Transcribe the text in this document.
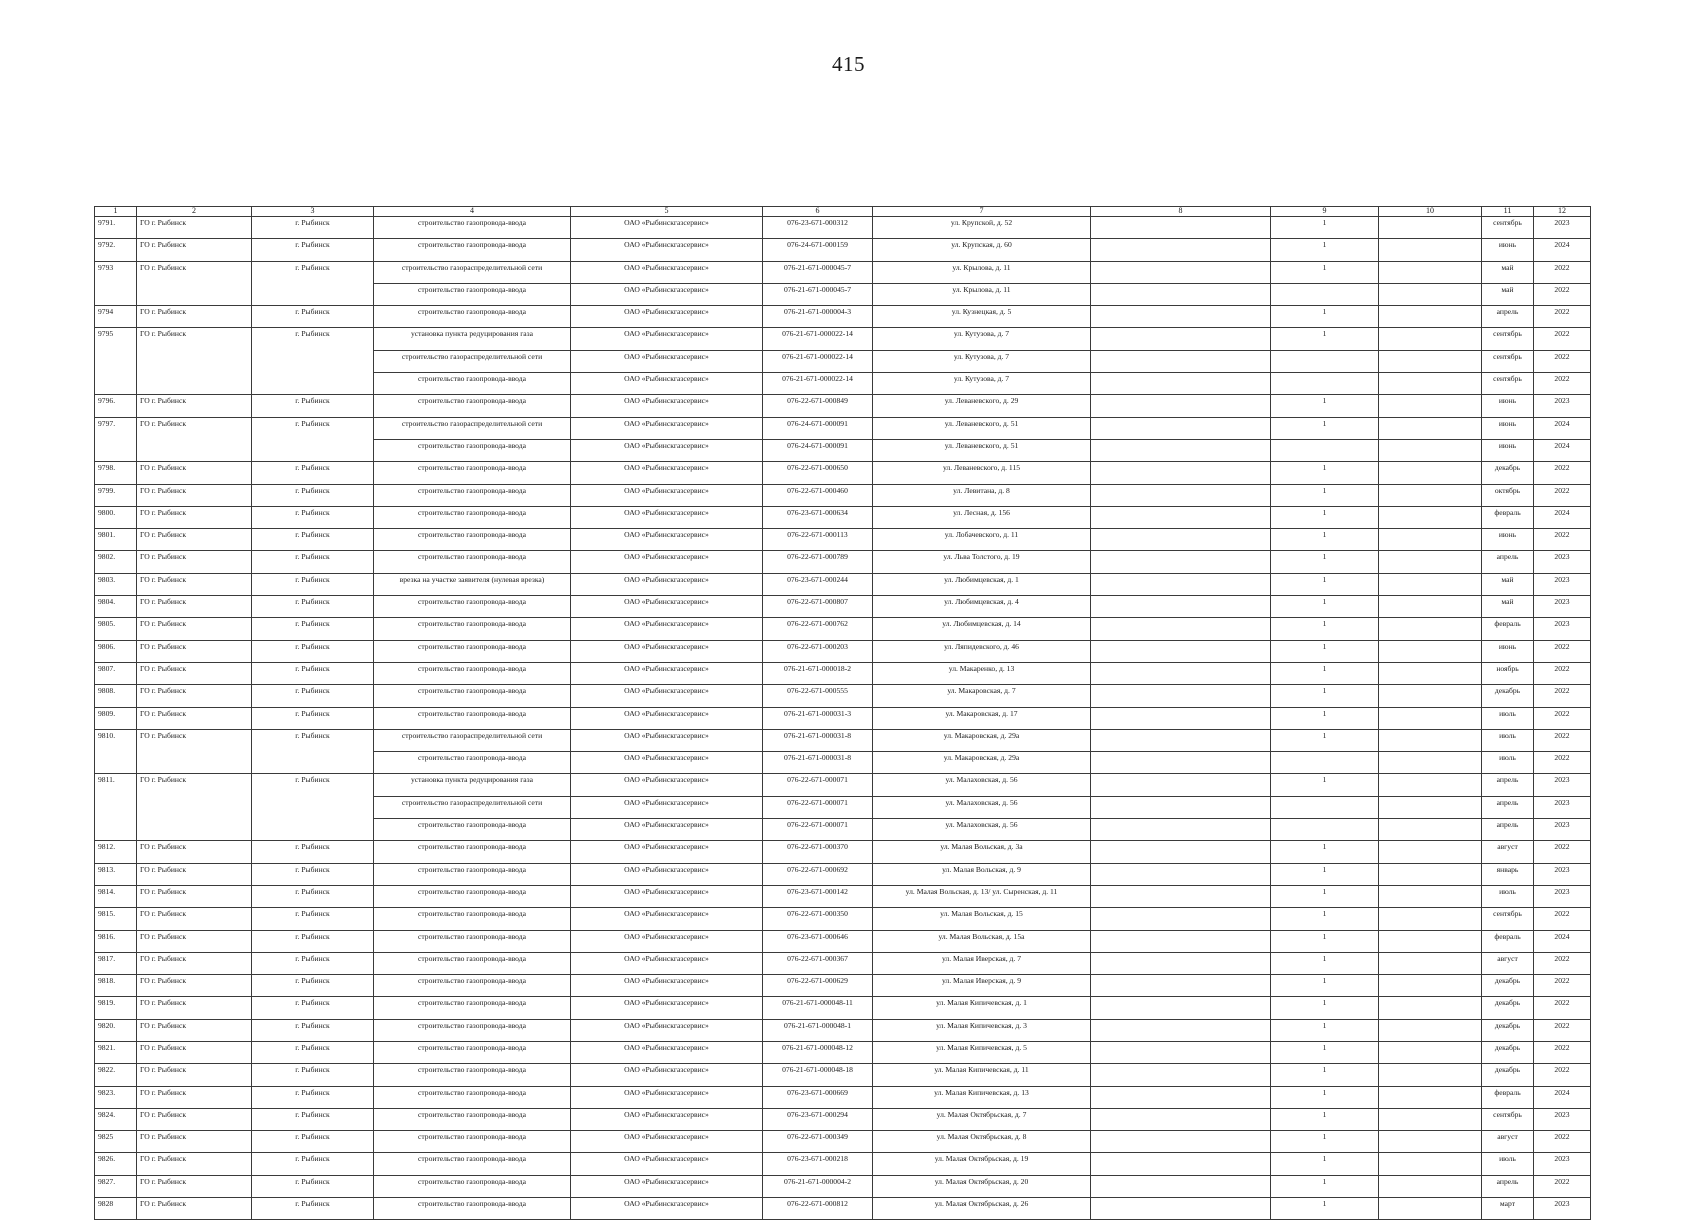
415
1	2	3	4	5	6	7	8	9	10	11	12
9791.	ГО г. Рыбинск	г. Рыбинск	строительство газопровода-ввода	ОАО «Рыбинскгазсервис»	076-23-671-000312	ул. Крупской, д. 52		1		сентябрь	2023
9792.	ГО г. Рыбинск	г. Рыбинск	строительство газопровода-ввода	ОАО «Рыбинскгазсервис»	076-24-671-000159	ул. Крупская, д. 60		1		июнь	2024
9793	ГО г. Рыбинск	г. Рыбинск	строительство газораспределительной сети	ОАО «Рыбинскгазсервис»	076-21-671-000045-7	ул. Крылова, д. 11		1		май	2022
			строительство газопровода-ввода	ОАО «Рыбинскгазсервис»	076-21-671-000045-7	ул. Крылова, д. 11				май	2022
9794	ГО г. Рыбинск	г. Рыбинск	строительство газопровода-ввода	ОАО «Рыбинскгазсервис»	076-21-671-000004-3	ул. Кузнецкая, д. 5		1		апрель	2022
9795	ГО г. Рыбинск	г. Рыбинск	установка пункта редуцирования газа	ОАО «Рыбинскгазсервис»	076-21-671-000022-14	ул. Кутузова, д. 7		1		сентябрь	2022
			строительство газораспределительной сети	ОАО «Рыбинскгазсервис»	076-21-671-000022-14	ул. Кутузова, д. 7				сентябрь	2022
			строительство газопровода-ввода	ОАО «Рыбинскгазсервис»	076-21-671-000022-14	ул. Кутузова, д. 7				сентябрь	2022
9796.	ГО г. Рыбинск	г. Рыбинск	строительство газопровода-ввода	ОАО «Рыбинскгазсервис»	076-22-671-000849	ул. Леваневского, д. 29		1		июнь	2023
9797.	ГО г. Рыбинск	г. Рыбинск	строительство газораспределительной сети	ОАО «Рыбинскгазсервис»	076-24-671-000091	ул. Леваневского, д. 51		1		июнь	2024
			строительство газопровода-ввода	ОАО «Рыбинскгазсервис»	076-24-671-000091	ул. Леваневского, д. 51				июнь	2024
9798.	ГО г. Рыбинск	г. Рыбинск	строительство газопровода-ввода	ОАО «Рыбинскгазсервис»	076-22-671-000650	ул. Леваневского, д. 115		1		декабрь	2022
9799.	ГО г. Рыбинск	г. Рыбинск	строительство газопровода-ввода	ОАО «Рыбинскгазсервис»	076-22-671-000460	ул. Левитана, д. 8		1		октябрь	2022
9800.	ГО г. Рыбинск	г. Рыбинск	строительство газопровода-ввода	ОАО «Рыбинскгазсервис»	076-23-671-000634	ул. Лесная, д. 156		1		февраль	2024
9801.	ГО г. Рыбинск	г. Рыбинск	строительство газопровода-ввода	ОАО «Рыбинскгазсервис»	076-22-671-000113	ул. Лобачевского, д. 11		1		июнь	2022
9802.	ГО г. Рыбинск	г. Рыбинск	строительство газопровода-ввода	ОАО «Рыбинскгазсервис»	076-22-671-000789	ул. Льва Толстого, д. 19		1		апрель	2023
9803.	ГО г. Рыбинск	г. Рыбинск	врезка на участке заявителя (нулевая врезка)	ОАО «Рыбинскгазсервис»	076-23-671-000244	ул. Любимцевская, д. 1		1		май	2023
9804.	ГО г. Рыбинск	г. Рыбинск	строительство газопровода-ввода	ОАО «Рыбинскгазсервис»	076-22-671-000807	ул. Любимцевская, д. 4		1		май	2023
9805.	ГО г. Рыбинск	г. Рыбинск	строительство газопровода-ввода	ОАО «Рыбинскгазсервис»	076-22-671-000762	ул. Любимцевская, д. 14		1		февраль	2023
9806.	ГО г. Рыбинск	г. Рыбинск	строительство газопровода-ввода	ОАО «Рыбинскгазсервис»	076-22-671-000203	ул. Ляпидевского, д. 46		1		июнь	2022
9807.	ГО г. Рыбинск	г. Рыбинск	строительство газопровода-ввода	ОАО «Рыбинскгазсервис»	076-21-671-000018-2	ул. Макаренко, д. 13		1		ноябрь	2022
9808.	ГО г. Рыбинск	г. Рыбинск	строительство газопровода-ввода	ОАО «Рыбинскгазсервис»	076-22-671-000555	ул. Макаровская, д. 7		1		декабрь	2022
9809.	ГО г. Рыбинск	г. Рыбинск	строительство газопровода-ввода	ОАО «Рыбинскгазсервис»	076-21-671-000031-3	ул. Макаровская, д. 17		1		июль	2022
9810.	ГО г. Рыбинск	г. Рыбинск	строительство газораспределительной сети	ОАО «Рыбинскгазсервис»	076-21-671-000031-8	ул. Макаровская, д. 29а		1		июль	2022
			строительство газопровода-ввода	ОАО «Рыбинскгазсервис»	076-21-671-000031-8	ул. Макаровская, д. 29а				июль	2022
9811.	ГО г. Рыбинск	г. Рыбинск	установка пункта редуцирования газа	ОАО «Рыбинскгазсервис»	076-22-671-000071	ул. Малаховская, д. 56		1		апрель	2023
			строительство газораспределительной сети	ОАО «Рыбинскгазсервис»	076-22-671-000071	ул. Малаховская, д. 56				апрель	2023
			строительство газопровода-ввода	ОАО «Рыбинскгазсервис»	076-22-671-000071	ул. Малаховская, д. 56				апрель	2023
9812.	ГО г. Рыбинск	г. Рыбинск	строительство газопровода-ввода	ОАО «Рыбинскгазсервис»	076-22-671-000370	ул. Малая Вольская, д. 3а		1		август	2022
9813.	ГО г. Рыбинск	г. Рыбинск	строительство газопровода-ввода	ОАО «Рыбинскгазсервис»	076-22-671-000692	ул. Малая Вольская, д. 9		1		январь	2023
9814.	ГО г. Рыбинск	г. Рыбинск	строительство газопровода-ввода	ОАО «Рыбинскгазсервис»	076-23-671-000142	ул. Малая Вольская, д. 13/ ул. Сыренская, д. 11		1		июль	2023
9815.	ГО г. Рыбинск	г. Рыбинск	строительство газопровода-ввода	ОАО «Рыбинскгазсервис»	076-22-671-000350	ул. Малая Вольская, д. 15		1		сентябрь	2022
9816.	ГО г. Рыбинск	г. Рыбинск	строительство газопровода-ввода	ОАО «Рыбинскгазсервис»	076-23-671-000646	ул. Малая Вольская, д. 15а		1		февраль	2024
9817.	ГО г. Рыбинск	г. Рыбинск	строительство газопровода-ввода	ОАО «Рыбинскгазсервис»	076-22-671-000367	ул. Малая Иверская, д. 7		1		август	2022
9818.	ГО г. Рыбинск	г. Рыбинск	строительство газопровода-ввода	ОАО «Рыбинскгазсервис»	076-22-671-000629	ул. Малая Иверская, д. 9		1		декабрь	2022
9819.	ГО г. Рыбинск	г. Рыбинск	строительство газопровода-ввода	ОАО «Рыбинскгазсервис»	076-21-671-000048-11	ул. Малая Кипичевская, д. 1		1		декабрь	2022
9820.	ГО г. Рыбинск	г. Рыбинск	строительство газопровода-ввода	ОАО «Рыбинскгазсервис»	076-21-671-000048-1	ул. Малая Кипичевская, д. 3		1		декабрь	2022
9821.	ГО г. Рыбинск	г. Рыбинск	строительство газопровода-ввода	ОАО «Рыбинскгазсервис»	076-21-671-000048-12	ул. Малая Кипичевская, д. 5		1		декабрь	2022
9822.	ГО г. Рыбинск	г. Рыбинск	строительство газопровода-ввода	ОАО «Рыбинскгазсервис»	076-21-671-000048-18	ул. Малая Кипичевская, д. 11		1		декабрь	2022
9823.	ГО г. Рыбинск	г. Рыбинск	строительство газопровода-ввода	ОАО «Рыбинскгазсервис»	076-23-671-000669	ул. Малая Кипичевская, д. 13		1		февраль	2024
9824.	ГО г. Рыбинск	г. Рыбинск	строительство газопровода-ввода	ОАО «Рыбинскгазсервис»	076-23-671-000294	ул. Малая Октябрьская, д. 7		1		сентябрь	2023
9825	ГО г. Рыбинск	г. Рыбинск	строительство газопровода-ввода	ОАО «Рыбинскгазсервис»	076-22-671-000349	ул. Малая Октябрьская, д. 8		1		август	2022
9826.	ГО г. Рыбинск	г. Рыбинск	строительство газопровода-ввода	ОАО «Рыбинскгазсервис»	076-23-671-000218	ул. Малая Октябрьская, д. 19		1		июль	2023
9827.	ГО г. Рыбинск	г. Рыбинск	строительство газопровода-ввода	ОАО «Рыбинскгазсервис»	076-21-671-000004-2	ул. Малая Октябрьская, д. 20		1		апрель	2022
9828	ГО г. Рыбинск	г. Рыбинск	строительство газопровода-ввода	ОАО «Рыбинскгазсервис»	076-22-671-000812	ул. Малая Октябрьская, д. 26		1		март	2023
